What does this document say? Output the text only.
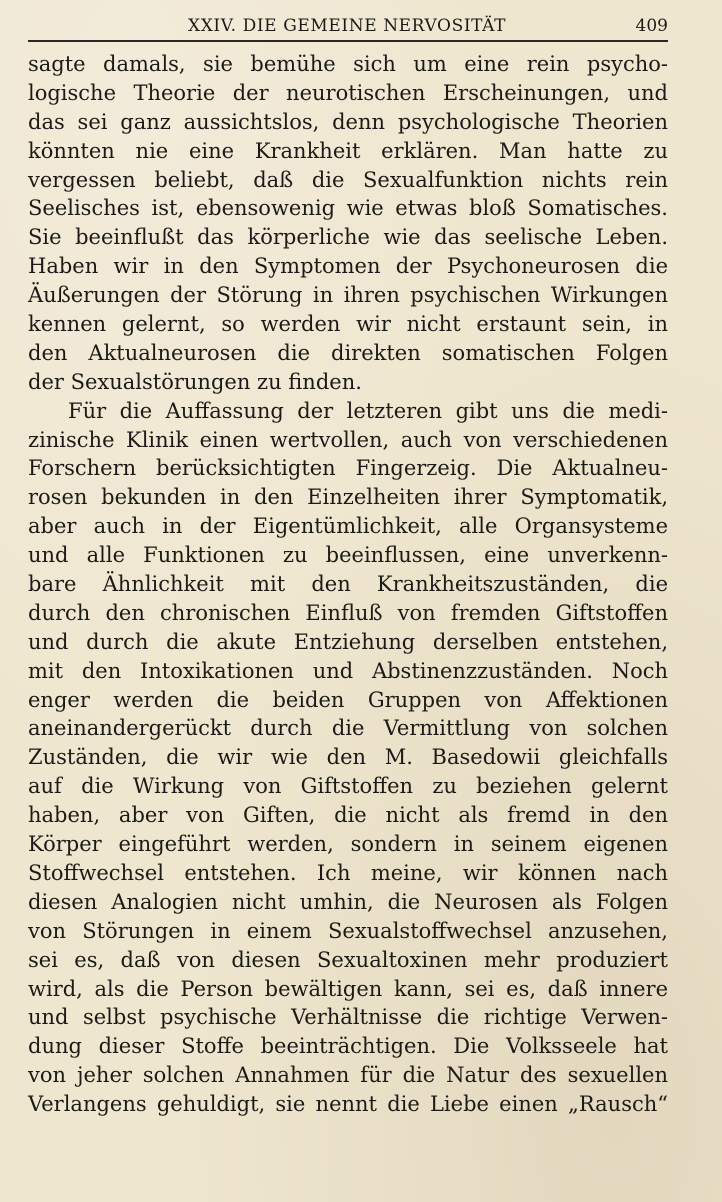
XXIV. DIE GEMEINE NERVOSITÄT	409
sagte damals, sie bemühe sich um eine rein psycho-
logische Theorie der neurotischen Erscheinungen, und
das sei ganz aussichtslos, denn psychologische Theorien
könnten nie eine Krankheit erklären. Man hatte zu
vergessen beliebt, daß die Sexualfunktion nichts rein
Seelisches ist, ebensowenig wie etwas bloß Somatisches.
Sie beeinflußt das körperliche wie das seelische Leben.
Haben wir in den Symptomen der Psychoneurosen die
Äußerungen der Störung in ihren psychischen Wirkungen
kennen gelernt, so werden wir nicht erstaunt sein, in
den Aktualneurosen die direkten somatischen Folgen
der Sexualstörungen zu finden.
Für die Auffassung der letzteren gibt uns die medi-
zinische Klinik einen wertvollen, auch von verschiedenen
Forschern berücksichtigten Fingerzeig. Die Aktualneu-
rosen bekunden in den Einzelheiten ihrer Symptomatik,
aber auch in der Eigentümlichkeit, alle Organsysteme
und alle Funktionen zu beeinflussen, eine unverkenn-
bare Ähnlichkeit mit den Krankheitszuständen, die
durch den chronischen Einfluß von fremden Giftstoffen
und durch die akute Entziehung derselben entstehen,
mit den Intoxikationen und Abstinenzzuständen. Noch
enger werden die beiden Gruppen von Affektionen
aneinandergerückt durch die Vermittlung von solchen
Zuständen, die wir wie den M. Basedowii gleichfalls
auf die Wirkung von Giftstoffen zu beziehen gelernt
haben, aber von Giften, die nicht als fremd in den
Körper eingeführt werden, sondern in seinem eigenen
Stoffwechsel entstehen. Ich meine, wir können nach
diesen Analogien nicht umhin, die Neurosen als Folgen
von Störungen in einem Sexualstoffwechsel anzusehen,
sei es, daß von diesen Sexualtoxinen mehr produziert
wird, als die Person bewältigen kann, sei es, daß innere
und selbst psychische Verhältnisse die richtige Verwen-
dung dieser Stoffe beeinträchtigen. Die Volksseele hat
von jeher solchen Annahmen für die Natur des sexuellen
Verlangens gehuldigt, sie nennt die Liebe einen „Rausch“
